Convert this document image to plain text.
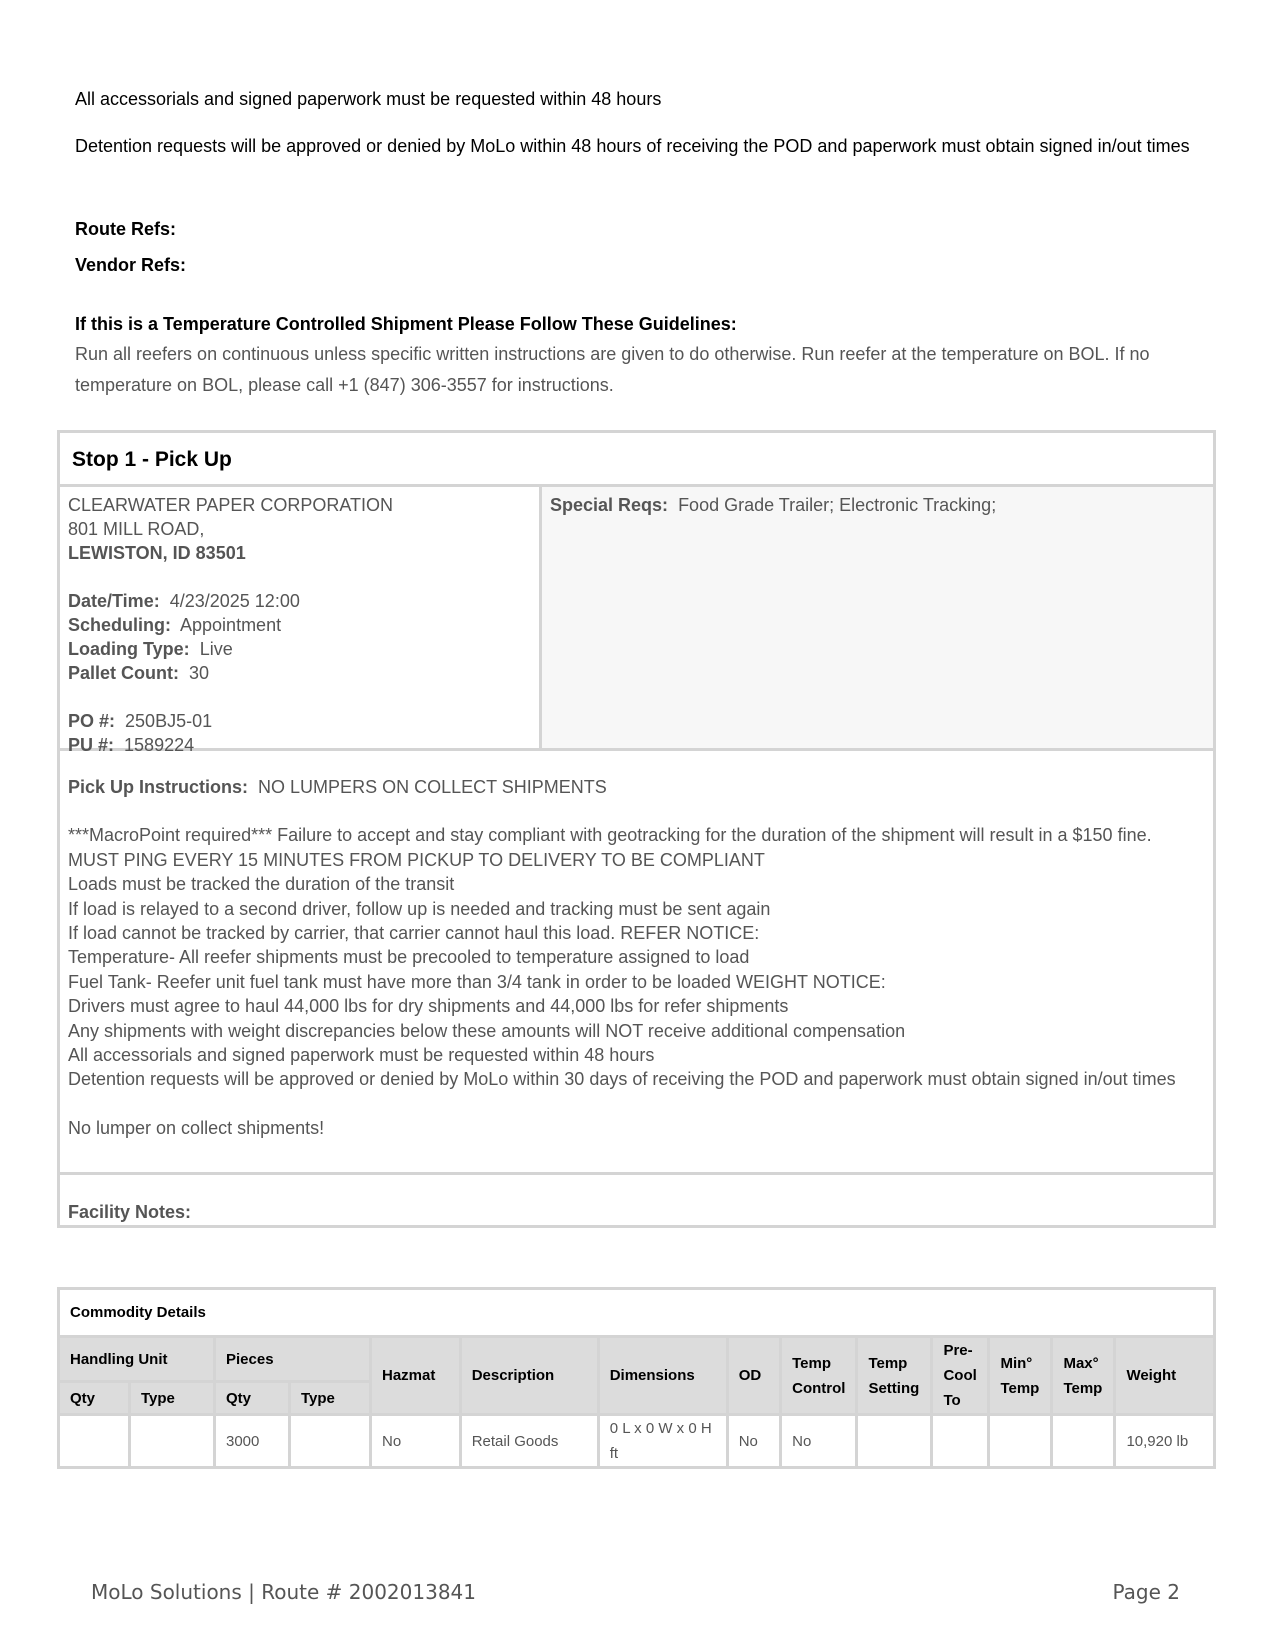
All accessorials and signed paperwork must be requested within 48 hours
Detention requests will be approved or denied by MoLo within 48 hours of receiving the POD and paperwork must obtain signed in/out times
Route Refs:
Vendor Refs:
If this is a Temperature Controlled Shipment Please Follow These Guidelines:
Run all reefers on continuous unless specific written instructions are given to do otherwise. Run reefer at the temperature on BOL. If no temperature on BOL, please call +1 (847) 306-3557 for instructions.
Stop 1 - Pick Up
CLEARWATER PAPER CORPORATION
801 MILL ROAD,
LEWISTON, ID 83501
Date/Time: 4/23/2025 12:00
Scheduling: Appointment
Loading Type: Live
Pallet Count: 30
PO #: 250BJ5-01
PU #: 1589224
Special Reqs: Food Grade Trailer; Electronic Tracking;
Pick Up Instructions: NO LUMPERS ON COLLECT SHIPMENTS
***MacroPoint required*** Failure to accept and stay compliant with geotracking for the duration of the shipment will result in a $150 fine.
MUST PING EVERY 15 MINUTES FROM PICKUP TO DELIVERY TO BE COMPLIANT
Loads must be tracked the duration of the transit
If load is relayed to a second driver, follow up is needed and tracking must be sent again
If load cannot be tracked by carrier, that carrier cannot haul this load. REFER NOTICE:
Temperature- All reefer shipments must be precooled to temperature assigned to load
Fuel Tank- Reefer unit fuel tank must have more than 3/4 tank in order to be loaded WEIGHT NOTICE:
Drivers must agree to haul 44,000 lbs for dry shipments and 44,000 lbs for refer shipments
Any shipments with weight discrepancies below these amounts will NOT receive additional compensation
All accessorials and signed paperwork must be requested within 48 hours
Detention requests will be approved or denied by MoLo within 30 days of receiving the POD and paperwork must obtain signed in/out times
No lumper on collect shipments!
Facility Notes:
Commodity Details													
Handling Unit		Pieces		Hazmat	Description	Dimensions	OD	Temp Control	Temp Setting	Pre-Cool To	Min° Temp	Max° Temp	Weight
Qty	Type	Qty	Type										
		3000		No	Retail Goods	0 L x 0 W x 0 H ft	No	No					10,920 lb
MoLo Solutions | Route # 2002013841	Page 2
